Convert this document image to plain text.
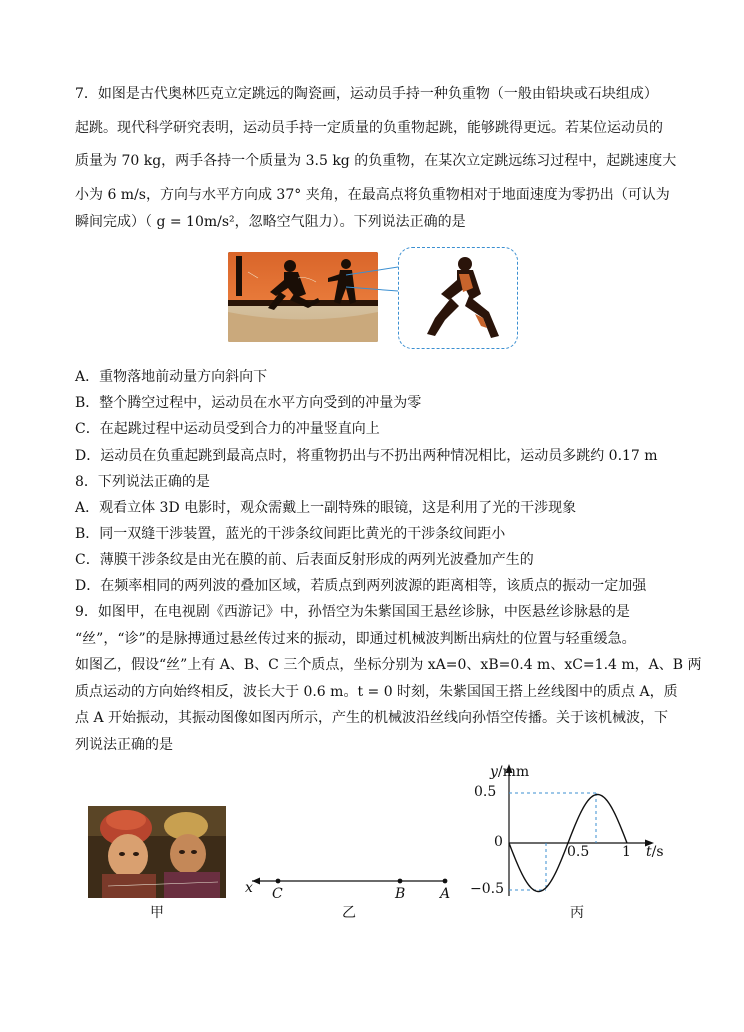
7．如图是古代奥林匹克立定跳远的陶瓷画，运动员手持一种负重物（一般由铅块或石块组成）
起跳。现代科学研究表明，运动员手持一定质量的负重物起跳，能够跳得更远。若某位运动员的
质量为 70 kg，两手各持一个质量为 3.5 kg 的负重物，在某次立定跳远练习过程中，起跳速度大
小为 6 m/s，方向与水平方向成 37° 夹角，在最高点将负重物相对于地面速度为零扔出（可认为
瞬间完成）（ g = 10m/s²，忽略空气阻力）。下列说法正确的是
A．重物落地前动量方向斜向下
B．整个腾空过程中，运动员在水平方向受到的冲量为零
C．在起跳过程中运动员受到合力的冲量竖直向上
D．运动员在负重起跳到最高点时，将重物扔出与不扔出两种情况相比，运动员多跳约 0.17 m
8．下列说法正确的是
A．观看立体 3D 电影时，观众需戴上一副特殊的眼镜，这是利用了光的干涉现象
B．同一双缝干涉装置，蓝光的干涉条纹间距比黄光的干涉条纹间距小
C．薄膜干涉条纹是由光在膜的前、后表面反射形成的两列光波叠加产生的
D．在频率相同的两列波的叠加区域，若质点到两列波源的距离相等，该质点的振动一定加强
9．如图甲，在电视剧《西游记》中，孙悟空为朱紫国国王悬丝诊脉，中医悬丝诊脉悬的是
“丝”，“诊”的是脉搏通过悬丝传过来的振动，即通过机械波判断出病灶的位置与轻重缓急。
如图乙，假设“丝”上有 A、B、C 三个质点，坐标分别为 xA=0、xB=0.4 m、xC=1.4 m，A、B 两
质点运动的方向始终相反，波长大于 0.6 m。t = 0 时刻，朱紫国国王搭上丝线图中的质点 A，质
点 A 开始振动，其振动图像如图丙所示，产生的机械波沿丝线向孙悟空传播。关于该机械波，下
列说法正确的是
甲
x C	B A
乙
y/mm
0.5
0
−0.5
0.5 1 t/s
丙
